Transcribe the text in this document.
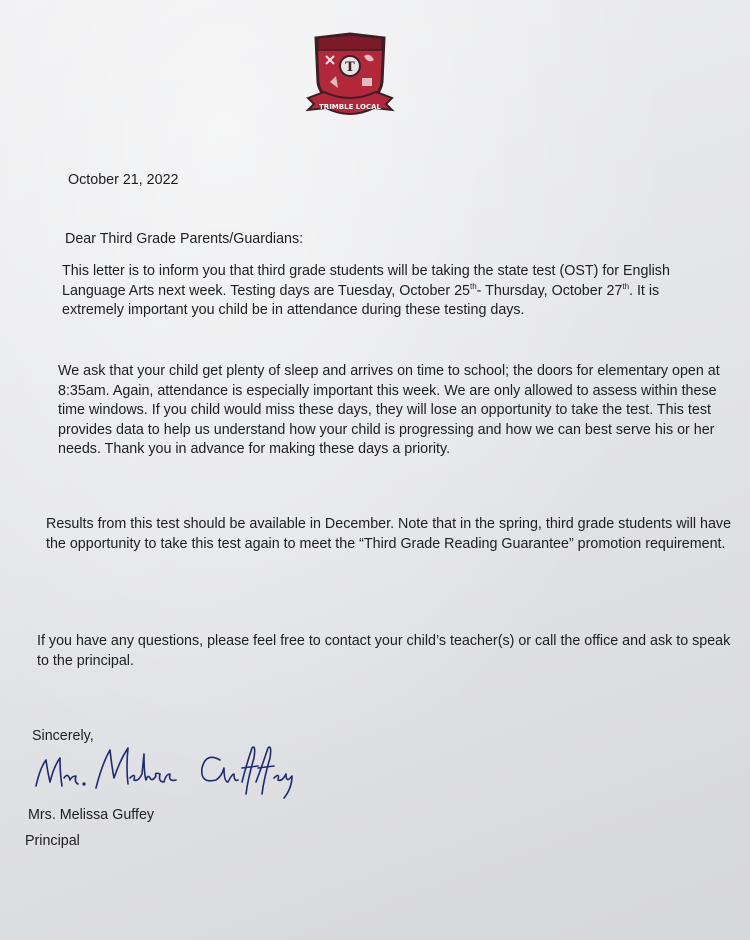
T
TRIMBLE LOCAL

October 21, 2022

Dear Third Grade Parents/Guardians:

This letter is to inform you that third grade students will be taking the state test (OST) for English Language Arts next week. Testing days are Tuesday, October 25th- Thursday, October 27th. It is extremely important you child be in attendance during these testing days.

We ask that your child get plenty of sleep and arrives on time to school; the doors for elementary open at 8:35am. Again, attendance is especially important this week. We are only allowed to assess within these time windows. If you child would miss these days, they will lose an opportunity to take the test. This test provides data to help us understand how your child is progressing and how we can best serve his or her needs. Thank you in advance for making these days a priority.

Results from this test should be available in December. Note that in the spring, third grade students will have the opportunity to take this test again to meet the “Third Grade Reading Guarantee” promotion requirement.

If you have any questions, please feel free to contact your child’s teacher(s) or call the office and ask to speak to the principal.

Sincerely,

Mrs. Melissa Guffey

Principal
